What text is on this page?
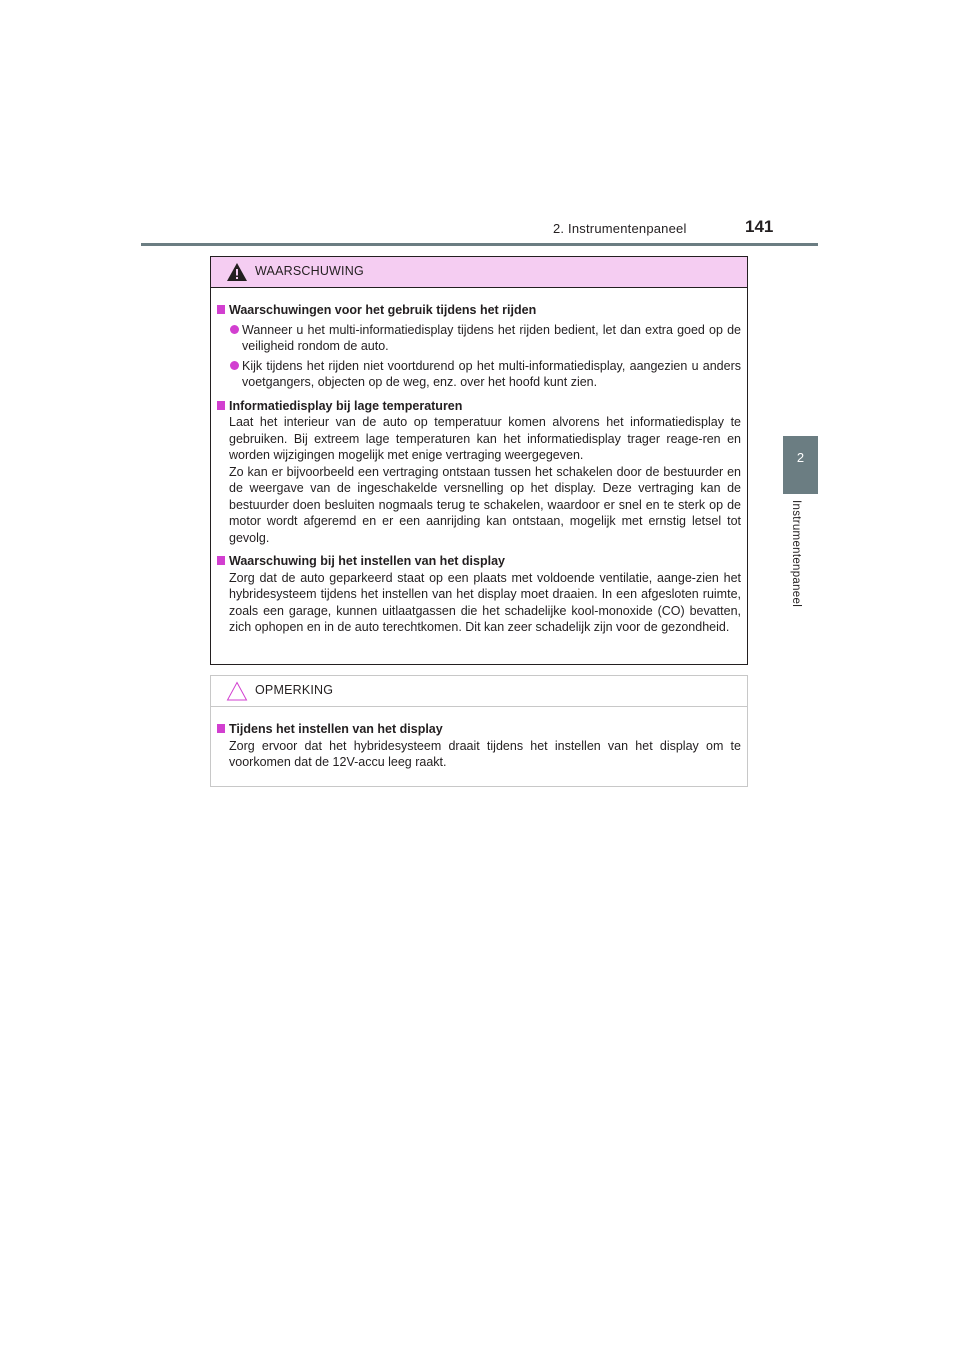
2. Instrumentenpaneel	141
2
Instrumentenpaneel
WAARSCHUWING
Waarschuwingen voor het gebruik tijdens het rijden
Wanneer u het multi-informatiedisplay tijdens het rijden bedient, let dan extra goed op de veiligheid rondom de auto.
Kijk tijdens het rijden niet voortdurend op het multi-informatiedisplay, aangezien u anders voetgangers, objecten op de weg, enz. over het hoofd kunt zien.
Informatiedisplay bij lage temperaturen
Laat het interieur van de auto op temperatuur komen alvorens het informatiedisplay te gebruiken. Bij extreem lage temperaturen kan het informatiedisplay trager reage-ren en worden wijzigingen mogelijk met enige vertraging weergegeven.
Zo kan er bijvoorbeeld een vertraging ontstaan tussen het schakelen door de bestuurder en de weergave van de ingeschakelde versnelling op het display. Deze vertraging kan de bestuurder doen besluiten nogmaals terug te schakelen, waardoor er snel en te sterk op de motor wordt afgeremd en er een aanrijding kan ontstaan, mogelijk met ernstig letsel tot gevolg.
Waarschuwing bij het instellen van het display
Zorg dat de auto geparkeerd staat op een plaats met voldoende ventilatie, aange-zien het hybridesysteem tijdens het instellen van het display moet draaien. In een afgesloten ruimte, zoals een garage, kunnen uitlaatgassen die het schadelijke kool-monoxide (CO) bevatten, zich ophopen en in de auto terechtkomen. Dit kan zeer schadelijk zijn voor de gezondheid.
OPMERKING
Tijdens het instellen van het display
Zorg ervoor dat het hybridesysteem draait tijdens het instellen van het display om te voorkomen dat de 12V-accu leeg raakt.
